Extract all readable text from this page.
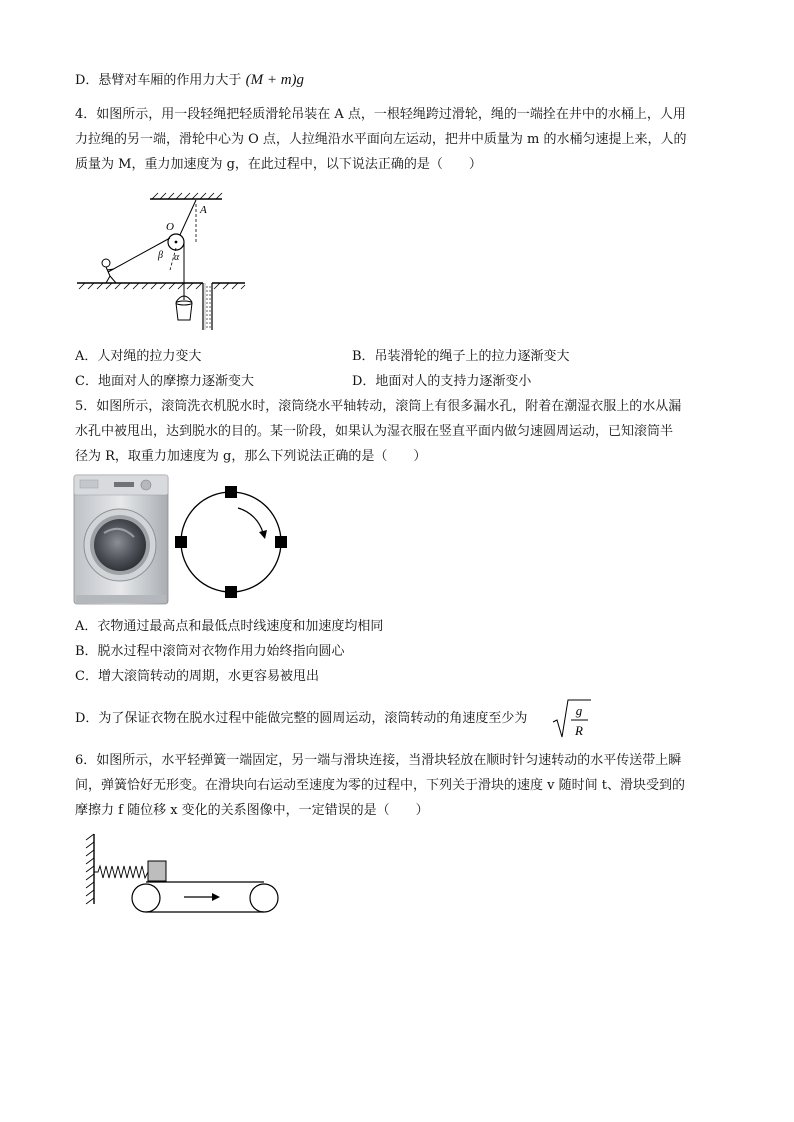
D．悬臂对车厢的作用力大于 (M + m)g
4．如图所示，用一段轻绳把轻质滑轮吊装在 A 点，一根轻绳跨过滑轮，绳的一端拴在井中的水桶上，人用
力拉绳的另一端，滑轮中心为 O 点，人拉绳沿水平面向左运动，把井中质量为 m 的水桶匀速提上来，人的
质量为 M，重力加速度为 g，在此过程中，以下说法正确的是（　　）
O
A
β α
A．人对绳的拉力变大	B．吊装滑轮的绳子上的拉力逐渐变大
C．地面对人的摩擦力逐渐变大	D．地面对人的支持力逐渐变小
5．如图所示，滚筒洗衣机脱水时，滚筒绕水平轴转动，滚筒上有很多漏水孔，附着在潮湿衣服上的水从漏
水孔中被甩出，达到脱水的目的。某一阶段，如果认为湿衣服在竖直平面内做匀速圆周运动，已知滚筒半
径为 R，取重力加速度为 g，那么下列说法正确的是（　　）
A．衣物通过最高点和最低点时线速度和加速度均相同
B．脱水过程中滚筒对衣物作用力始终指向圆心
C．增大滚筒转动的周期，水更容易被甩出
D．为了保证衣物在脱水过程中能做完整的圆周运动，滚筒转动的角速度至少为
g
R
6．如图所示，水平轻弹簧一端固定，另一端与滑块连接，当滑块轻放在顺时针匀速转动的水平传送带上瞬
间，弹簧恰好无形变。在滑块向右运动至速度为零的过程中，下列关于滑块的速度 v 随时间 t、滑块受到的
摩擦力 f 随位移 x 变化的关系图像中，一定错误的是（　　）
